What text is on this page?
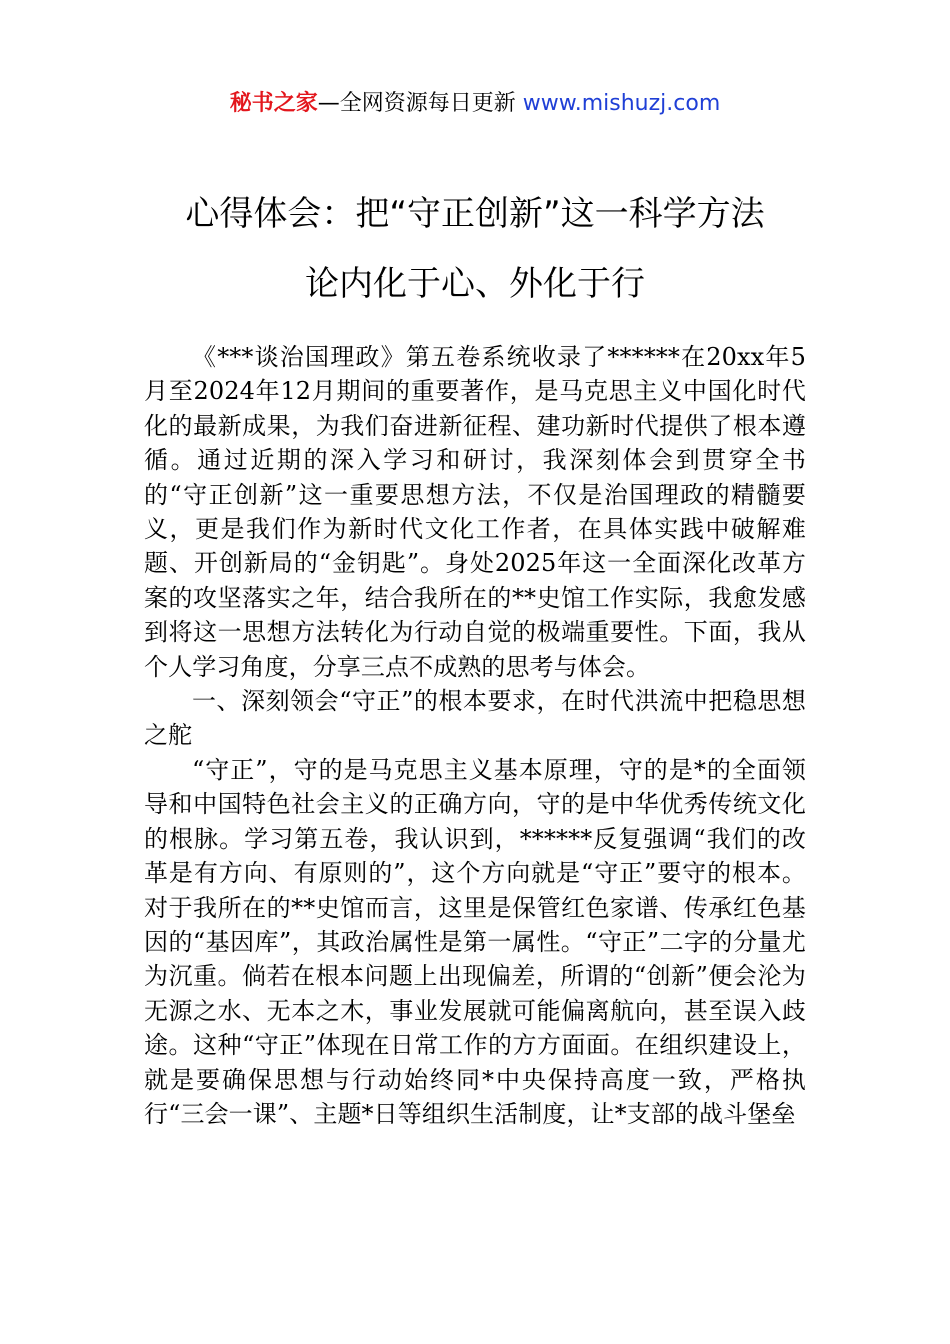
秘书之家—全网资源每日更新 www.mishuzj.com
心得体会：把“守正创新”这一科学方法
论内化于心、外化于行

《***谈治国理政》第五卷系统收录了******在20xx年5月至2024年12月期间的重要著作，是马克思主义中国化时代化的最新成果，为我们奋进新征程、建功新时代提供了根本遵循。通过近期的深入学习和研讨，我深刻体会到贯穿全书的“守正创新”这一重要思想方法，不仅是治国理政的精髓要义，更是我们作为新时代文化工作者，在具体实践中破解难题、开创新局的“金钥匙”。身处2025年这一全面深化改革方案的攻坚落实之年，结合我所在的**史馆工作实际，我愈发感到将这一思想方法转化为行动自觉的极端重要性。下面，我从个人学习角度，分享三点不成熟的思考与体会。

一、深刻领会“守正”的根本要求，在时代洪流中把稳思想之舵

“守正”，守的是马克思主义基本原理，守的是*的全面领导和中国特色社会主义的正确方向，守的是中华优秀传统文化的根脉。学习第五卷，我认识到，******反复强调“我们的改革是有方向、有原则的”，这个方向就是“守正”要守的根本。对于我所在的**史馆而言，这里是保管红色家谱、传承红色基因的“基因库”，其政治属性是第一属性。“守正”二字的分量尤为沉重。倘若在根本问题上出现偏差，所谓的“创新”便会沦为无源之水、无本之木，事业发展就可能偏离航向，甚至误入歧途。这种“守正”体现在日常工作的方方面面。在组织建设上，就是要确保思想与行动始终同*中央保持高度一致，严格执行“三会一课”、主题*日等组织生活制度，让*支部的战斗堡垒
